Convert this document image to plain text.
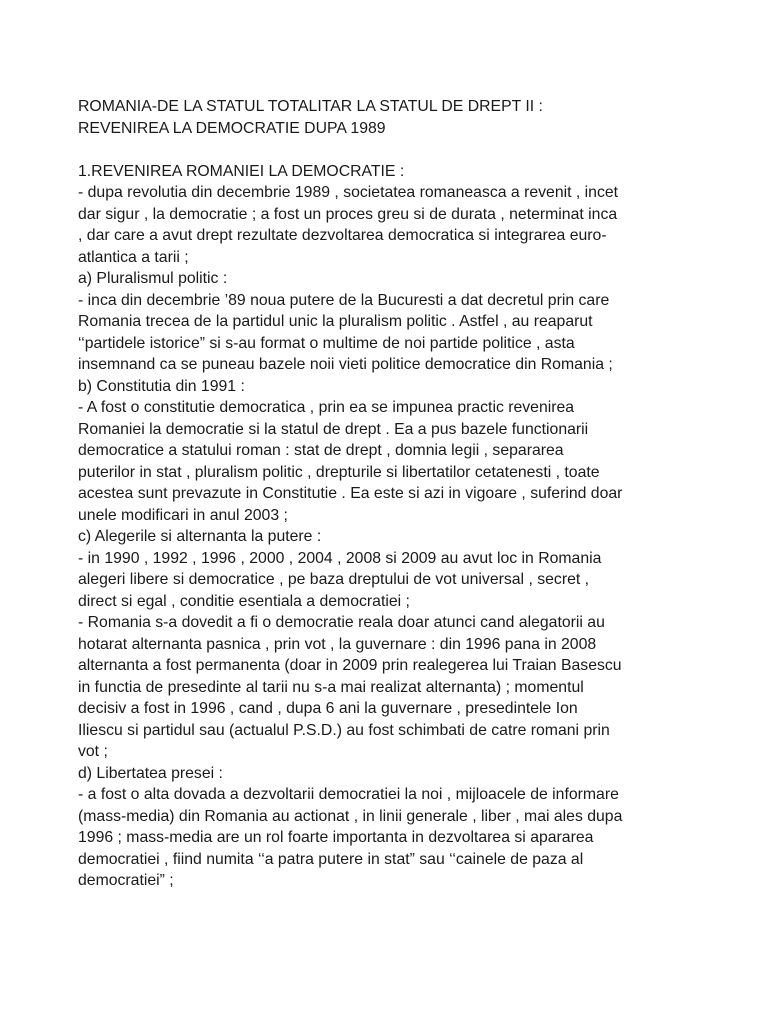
ROMANIA-DE LA STATUL TOTALITAR LA STATUL DE DREPT II :
REVENIREA LA DEMOCRATIE DUPA 1989
1.REVENIREA ROMANIEI LA DEMOCRATIE :
- dupa revolutia din decembrie 1989 , societatea romaneasca a revenit , incet
dar sigur , la democratie ; a fost un proces greu si de durata , neterminat inca
, dar care a avut drept rezultate dezvoltarea democratica si integrarea euro-
atlantica a tarii ;
a) Pluralismul politic :
- inca din decembrie ’89 noua putere de la Bucuresti a dat decretul prin care
Romania trecea de la partidul unic la pluralism politic . Astfel , au reaparut
‘‘partidele istorice” si s-au format o multime de noi partide politice , asta
insemnand ca se puneau bazele noii vieti politice democratice din Romania ;
b) Constitutia din 1991 :
- A fost o constitutie democratica , prin ea se impunea practic revenirea
Romaniei la democratie si la statul de drept . Ea a pus bazele functionarii
democratice a statului roman : stat de drept , domnia legii , separarea
puterilor in stat , pluralism politic , drepturile si libertatilor cetatenesti , toate
acestea sunt prevazute in Constitutie . Ea este si azi in vigoare , suferind doar
unele modificari in anul 2003 ;
c) Alegerile si alternanta la putere :
- in 1990 , 1992 , 1996 , 2000 , 2004 , 2008 si 2009 au avut loc in Romania
alegeri libere si democratice , pe baza dreptului de vot universal , secret ,
direct si egal , conditie esentiala a democratiei ;
- Romania s-a dovedit a fi o democratie reala doar atunci cand alegatorii au
hotarat alternanta pasnica , prin vot , la guvernare : din 1996 pana in 2008
alternanta a fost permanenta (doar in 2009 prin realegerea lui Traian Basescu
in functia de presedinte al tarii nu s-a mai realizat alternanta) ; momentul
decisiv a fost in 1996 , cand , dupa 6 ani la guvernare , presedintele Ion
Iliescu si partidul sau (actualul P.S.D.) au fost schimbati de catre romani prin
vot ;
d) Libertatea presei :
- a fost o alta dovada a dezvoltarii democratiei la noi , mijloacele de informare
(mass-media) din Romania au actionat , in linii generale , liber , mai ales dupa
1996 ; mass-media are un rol foarte importanta in dezvoltarea si apararea
democratiei , fiind numita ‘‘a patra putere in stat” sau ‘‘cainele de paza al
democratiei” ;
